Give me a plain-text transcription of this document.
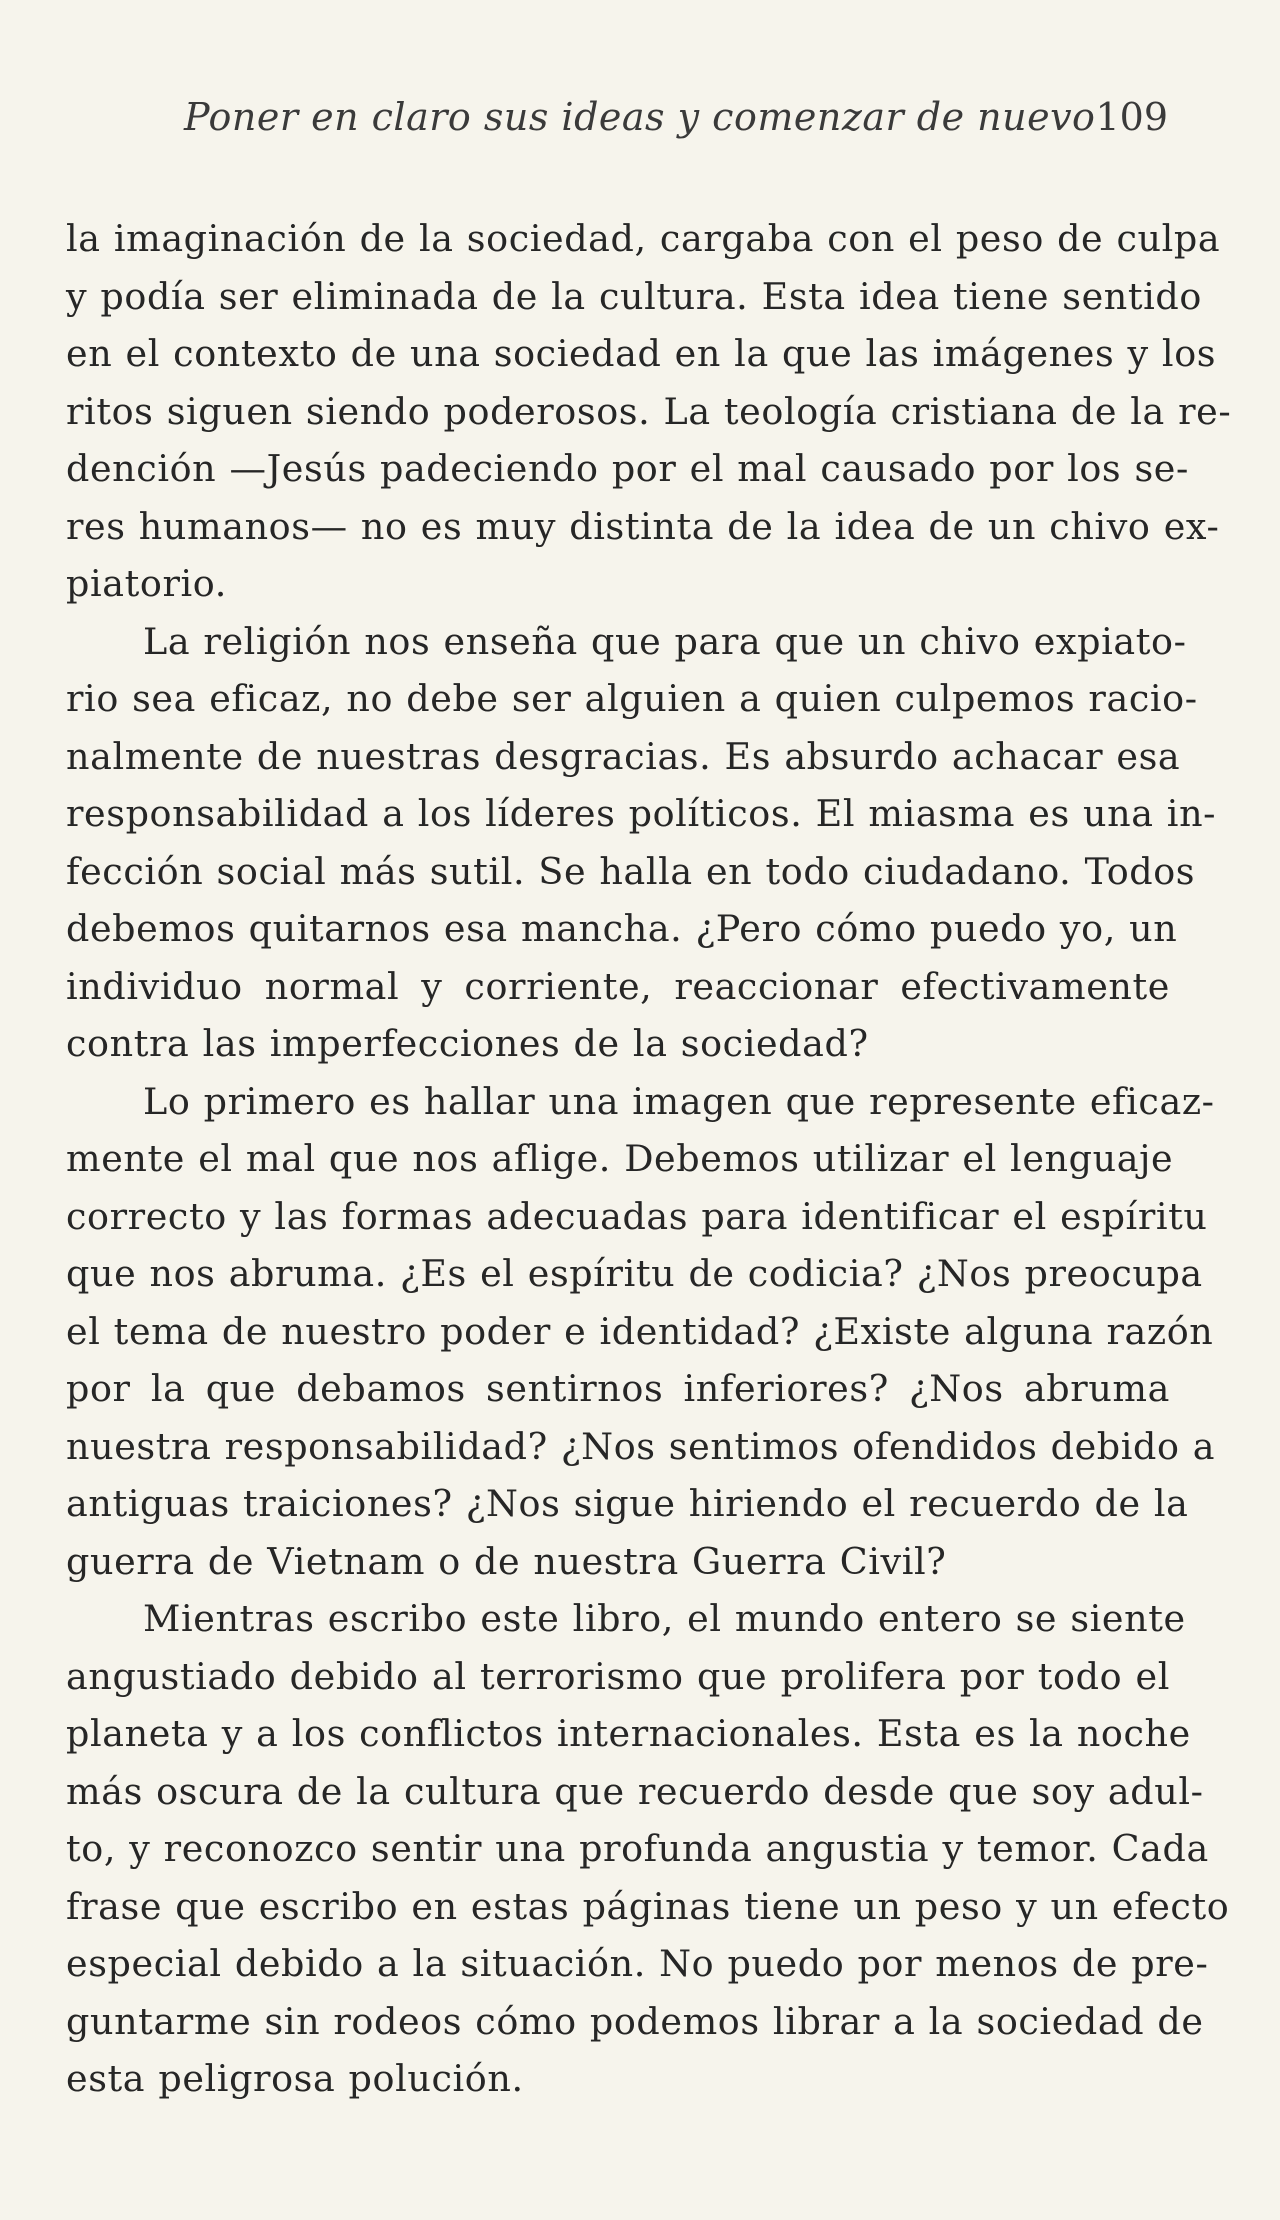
Poner en claro sus ideas y comenzar de nuevo 109
la imaginación de la sociedad, cargaba con el peso de culpa
y podía ser eliminada de la cultura. Esta idea tiene sentido
en el contexto de una sociedad en la que las imágenes y los
ritos siguen siendo poderosos. La teología cristiana de la re-
dención —Jesús padeciendo por el mal causado por los se-
res humanos— no es muy distinta de la idea de un chivo ex-
piatorio.
La religión nos enseña que para que un chivo expiato-
rio sea eficaz, no debe ser alguien a quien culpemos racio-
nalmente de nuestras desgracias. Es absurdo achacar esa
responsabilidad a los líderes políticos. El miasma es una in-
fección social más sutil. Se halla en todo ciudadano. Todos
debemos quitarnos esa mancha. ¿Pero cómo puedo yo, un
individuo normal y corriente, reaccionar efectivamente
contra las imperfecciones de la sociedad?
Lo primero es hallar una imagen que represente eficaz-
mente el mal que nos aflige. Debemos utilizar el lenguaje
correcto y las formas adecuadas para identificar el espíritu
que nos abruma. ¿Es el espíritu de codicia? ¿Nos preocupa
el tema de nuestro poder e identidad? ¿Existe alguna razón
por la que debamos sentirnos inferiores? ¿Nos abruma
nuestra responsabilidad? ¿Nos sentimos ofendidos debido a
antiguas traiciones? ¿Nos sigue hiriendo el recuerdo de la
guerra de Vietnam o de nuestra Guerra Civil?
Mientras escribo este libro, el mundo entero se siente
angustiado debido al terrorismo que prolifera por todo el
planeta y a los conflictos internacionales. Esta es la noche
más oscura de la cultura que recuerdo desde que soy adul-
to, y reconozco sentir una profunda angustia y temor. Cada
frase que escribo en estas páginas tiene un peso y un efecto
especial debido a la situación. No puedo por menos de pre-
guntarme sin rodeos cómo podemos librar a la sociedad de
esta peligrosa polución.
